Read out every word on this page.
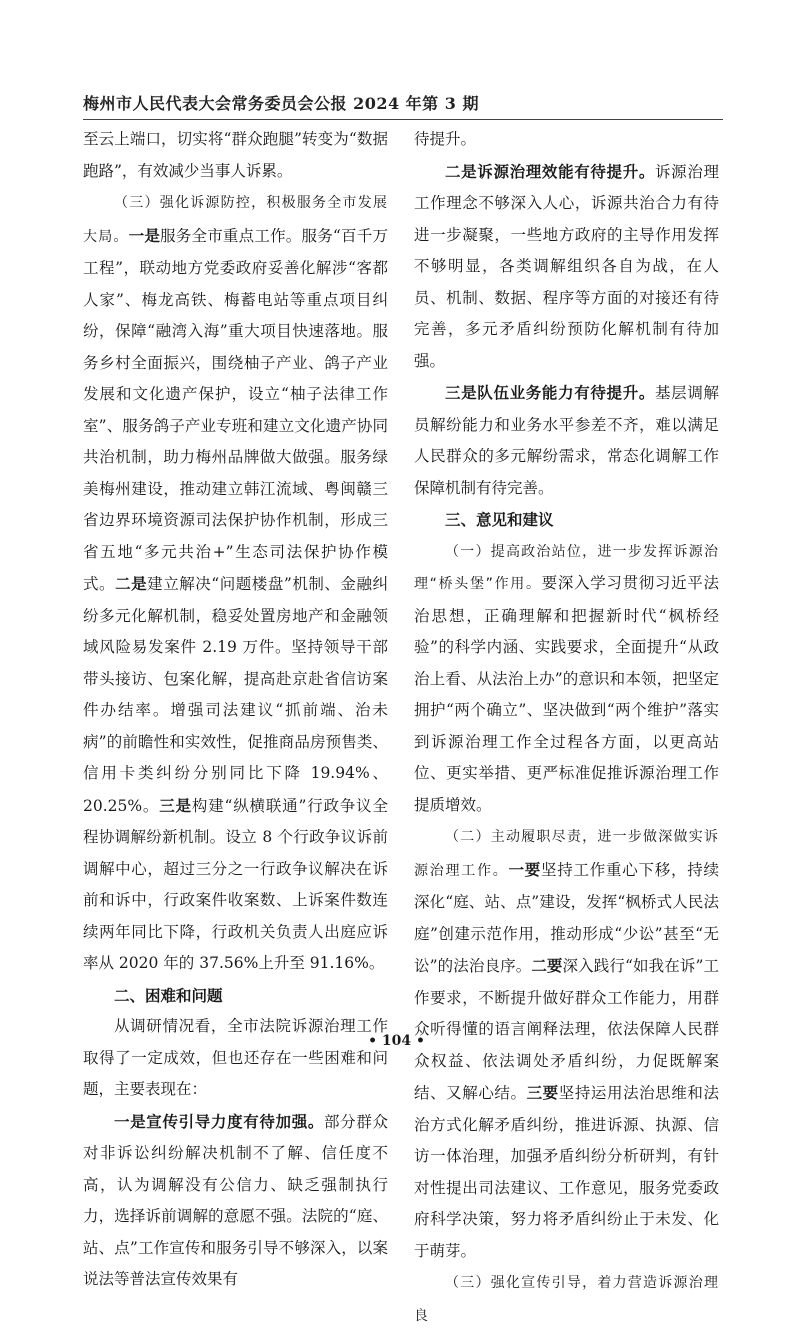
梅州市人民代表大会常务委员会公报 2024 年第 3 期

至云上端口，切实将“群众跑腿”转变为“数据跑路”，有效减少当事人诉累。

（三）强化诉源防控，积极服务全市发展大局。一是服务全市重点工作。服务“百千万工程”，联动地方党委政府妥善化解涉“客都人家”、梅龙高铁、梅蓄电站等重点项目纠纷，保障“融湾入海”重大项目快速落地。服务乡村全面振兴，围绕柚子产业、鸽子产业发展和文化遗产保护，设立“柚子法律工作室”、服务鸽子产业专班和建立文化遗产协同共治机制，助力梅州品牌做大做强。服务绿美梅州建设，推动建立韩江流域、粤闽赣三省边界环境资源司法保护协作机制，形成三省五地“多元共治+”生态司法保护协作模式。二是建立解决“问题楼盘”机制、金融纠纷多元化解机制，稳妥处置房地产和金融领域风险易发案件 2.19 万件。坚持领导干部带头接访、包案化解，提高赴京赴省信访案件办结率。增强司法建议“抓前端、治未病”的前瞻性和实效性，促推商品房预售类、信用卡类纠纷分别同比下降 19.94%、20.25%。三是构建“纵横联通”行政争议全程协调解纷新机制。设立 8 个行政争议诉前调解中心，超过三分之一行政争议解决在诉前和诉中，行政案件收案数、上诉案件数连续两年同比下降，行政机关负责人出庭应诉率从 2020 年的 37.56%上升至 91.16%。

二、困难和问题

从调研情况看，全市法院诉源治理工作取得了一定成效，但也还存在一些困难和问题，主要表现在：

一是宣传引导力度有待加强。部分群众对非诉讼纠纷解决机制不了解、信任度不高，认为调解没有公信力、缺乏强制执行力，选择诉前调解的意愿不强。法院的“庭、站、点”工作宣传和服务引导不够深入，以案说法等普法宣传效果有

待提升。

二是诉源治理效能有待提升。诉源治理工作理念不够深入人心，诉源共治合力有待进一步凝聚，一些地方政府的主导作用发挥不够明显，各类调解组织各自为战，在人员、机制、数据、程序等方面的对接还有待完善，多元矛盾纠纷预防化解机制有待加强。

三是队伍业务能力有待提升。基层调解员解纷能力和业务水平参差不齐，难以满足人民群众的多元解纷需求，常态化调解工作保障机制有待完善。

三、意见和建议

（一）提高政治站位，进一步发挥诉源治理“桥头堡”作用。要深入学习贯彻习近平法治思想，正确理解和把握新时代“枫桥经验”的科学内涵、实践要求，全面提升“从政治上看、从法治上办”的意识和本领，把坚定拥护“两个确立”、坚决做到“两个维护”落实到诉源治理工作全过程各方面，以更高站位、更实举措、更严标准促推诉源治理工作提质增效。

（二）主动履职尽责，进一步做深做实诉源治理工作。一要坚持工作重心下移，持续深化“庭、站、点”建设，发挥“枫桥式人民法庭”创建示范作用，推动形成“少讼”甚至“无讼”的法治良序。二要深入践行“如我在诉”工作要求，不断提升做好群众工作能力，用群众听得懂的语言阐释法理，依法保障人民群众权益、依法调处矛盾纠纷，力促既解案结、又解心结。三要坚持运用法治思维和法治方式化解矛盾纠纷，推进诉源、执源、信访一体治理，加强矛盾纠纷分析研判，有针对性提出司法建议、工作意见，服务党委政府科学决策，努力将矛盾纠纷止于未发、化于萌芽。

（三）强化宣传引导，着力营造诉源治理良

• 104 •
